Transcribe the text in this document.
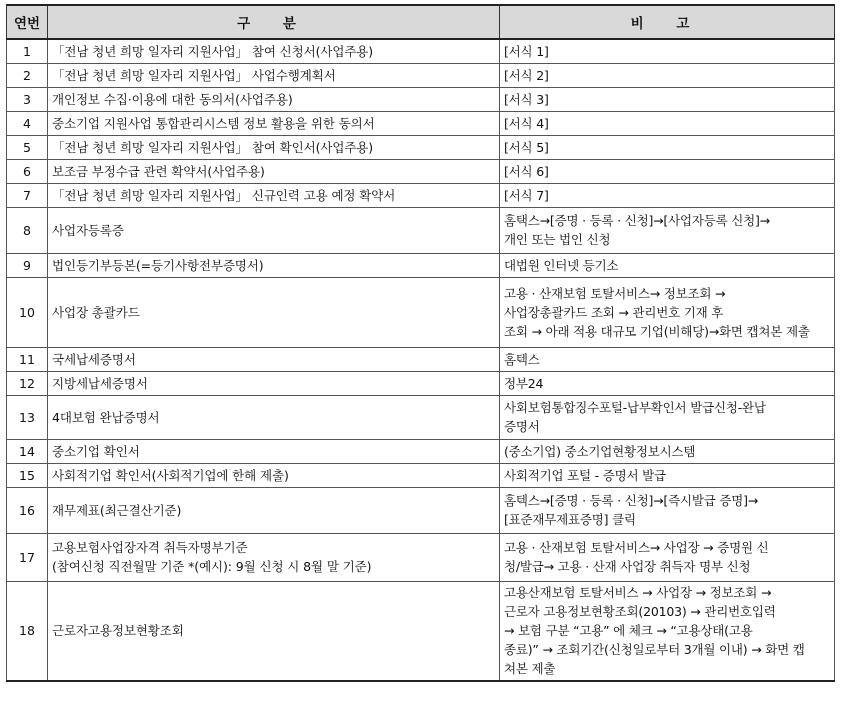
연번	구 분	비 고
1	「전남 청년 희망 일자리 지원사업」 참여 신청서(사업주용)	[서식 1]
2	「전남 청년 희망 일자리 지원사업」 사업수행계획서	[서식 2]
3	개인정보 수집·이용에 대한 동의서(사업주용)	[서식 3]
4	중소기업 지원사업 통합관리시스템 정보 활용을 위한 동의서	[서식 4]
5	「전남 청년 희망 일자리 지원사업」 참여 확인서(사업주용)	[서식 5]
6	보조금 부정수급 관련 확약서(사업주용)	[서식 6]
7	「전남 청년 희망 일자리 지원사업」 신규인력 고용 예정 확약서	[서식 7]
8	사업자등록증	홈택스→[증명 · 등록 · 신청]→[사업자등록 신청]→
개인 또는 법인 신청
9	법인등기부등본(=등기사항전부증명서)	대법원 인터넷 등기소
10	사업장 총괄카드	고용 · 산재보험 토탈서비스→ 정보조회 →
사업장총괄카드 조회 → 관리번호 기재 후
조회 → 아래 적용 대규모 기업(비해당)→화면 캡쳐본 제출
11	국세납세증명서	홈텍스
12	지방세납세증명서	정부24
13	4대보험 완납증명서	사회보험통합징수포털-납부확인서 발급신청-완납
증명서
14	중소기업 확인서	(중소기업) 중소기업현황정보시스템
15	사회적기업 확인서(사회적기업에 한해 제출)	사회적기업 포털 - 증명서 발급
16	재무제표(최근결산기준)	홈텍스→[증명 · 등록 · 신청]→[즉시발급 증명]→
[표준재무제표증명] 클릭
17	고용보험사업장자격 취득자명부기준
(참여신청 직전월말 기준 *(예시): 9월 신청 시 8월 말 기준)	고용 · 산재보험 토탈서비스→ 사업장 → 증명원 신
청/발급→ 고용 · 산재 사업장 취득자 명부 신청
18	근로자고용정보현황조회	고용산재보험 토탈서비스 → 사업장 → 정보조회 →
근로자 고용정보현황조회(20103) → 관리번호입력
→ 보험 구분 “고용” 에 체크 → “고용상태(고용
종료)” → 조회기간(신청일로부터 3개월 이내) → 화면 캡
쳐본 제출
